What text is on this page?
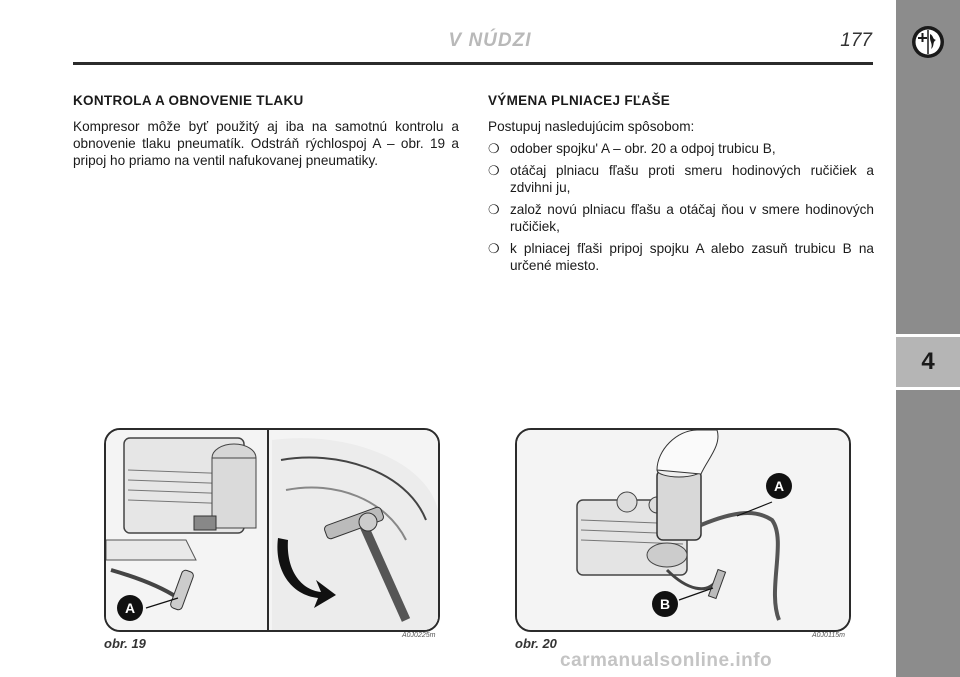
V NÚDZI	177
4
KONTROLA A OBNOVENIE TLAKU

Kompresor môže byť použitý aj iba na samotnú kontrolu a obnovenie tlaku pneumatík. Odstráň rýchlospoj A – obr. 19 a pripoj ho priamo na ventil nafukovanej pneumatiky.

VÝMENA PLNIACEJ FĽAŠE

Postupuj nasledujúcim spôsobom:

❍ odober spojku' A – obr. 20 a odpoj trubicu B,
❍ otáčaj plniacu fľašu proti smeru hodinových ručičiek a zdvihni ju,
❍ založ novú plniacu fľašu a otáčaj ňou v smere hodinových ručičiek,
❍ k plniacej fľaši pripoj spojku A alebo zasuň trubicu B na určené miesto.
A
obr. 19
A0J0225m
A
B
obr. 20
A0J0115m
carmanualsonline.info
